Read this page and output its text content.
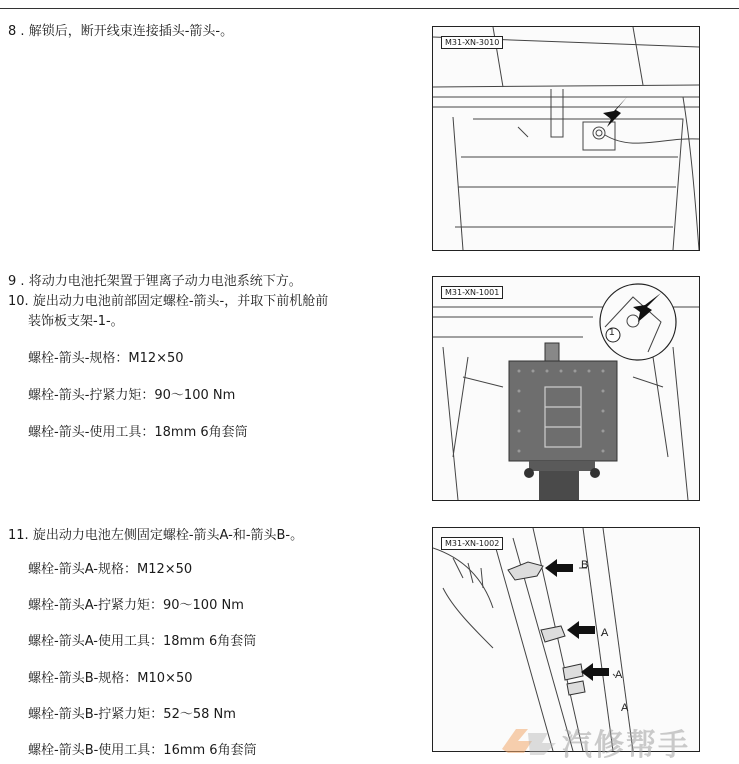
8 . 解锁后，断开线束连接插头-箭头-。
9 . 将动力电池托架置于锂离子动力电池系统下方。
10. 旋出动力电池前部固定螺栓-箭头-，并取下前机舱前
装饰板支架-1-。
螺栓-箭头-规格：M12×50
螺栓-箭头-拧紧力矩：90～100 Nm
螺栓-箭头-使用工具：18mm 6角套筒
11. 旋出动力电池左侧固定螺栓-箭头A-和-箭头B-。
螺栓-箭头A-规格：M12×50
螺栓-箭头A-拧紧力矩：90～100 Nm
螺栓-箭头A-使用工具：18mm 6角套筒
螺栓-箭头B-规格：M10×50
螺栓-箭头B-拧紧力矩：52～58 Nm
螺栓-箭头B-使用工具：16mm 6角套筒
M31-XN-3010
M31-XN-1001
1
M31-XN-1002
B
A
A
A
汽修帮手
